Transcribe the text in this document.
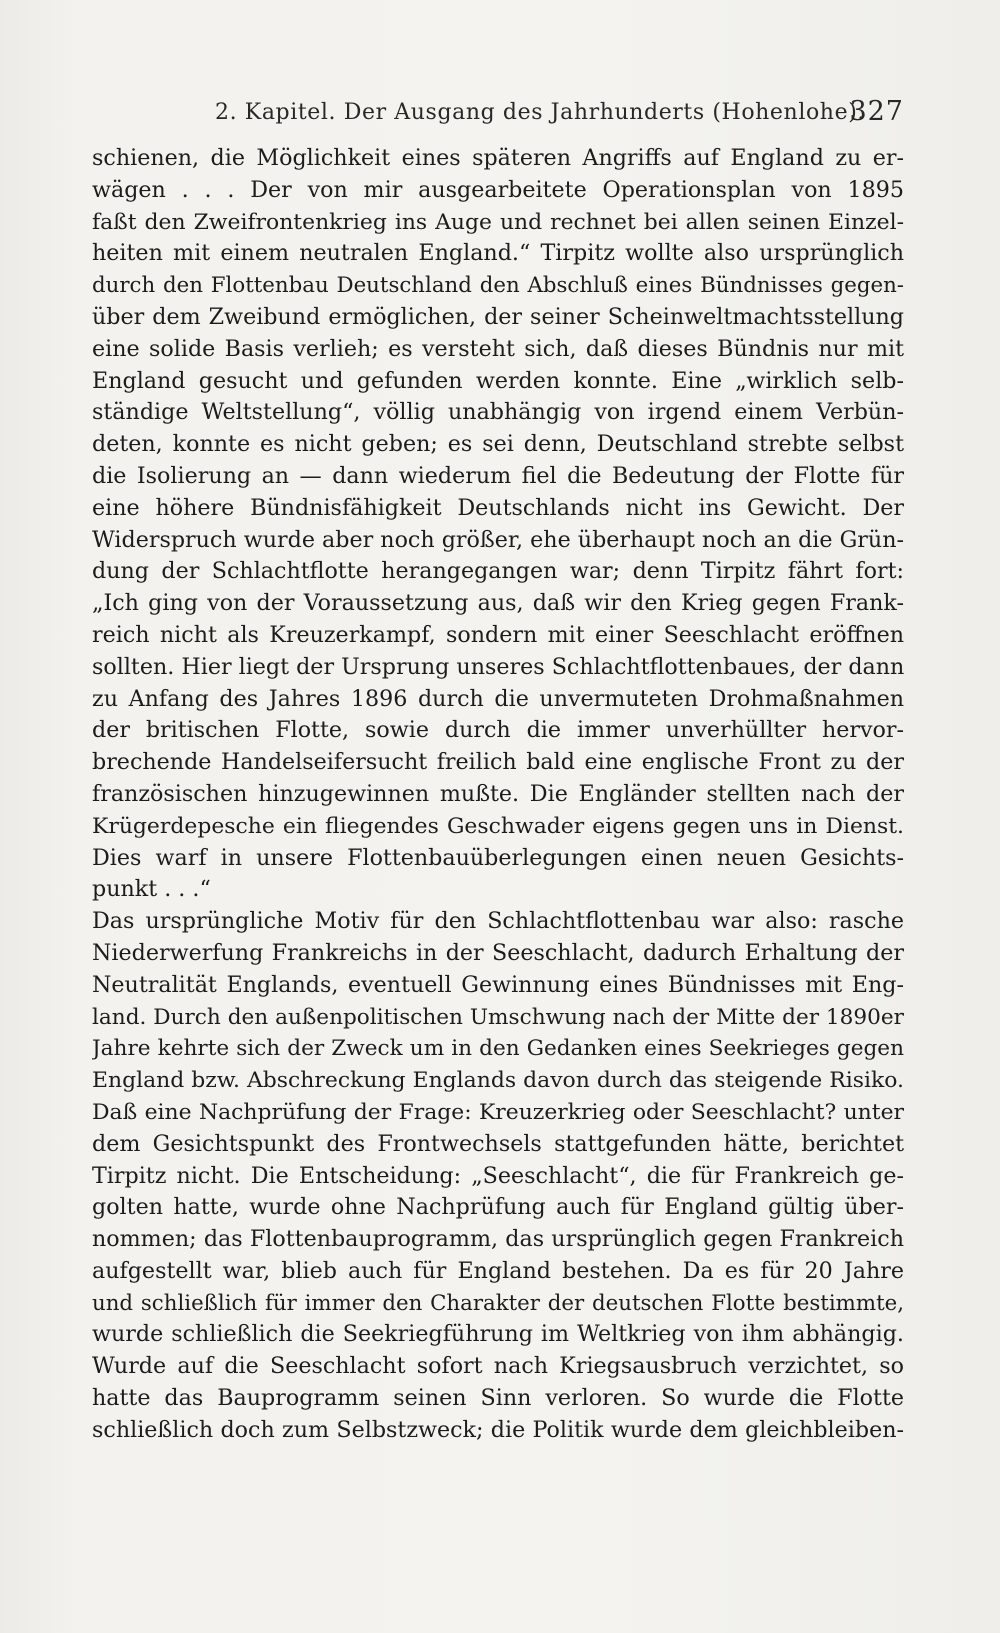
2. Kapitel. Der Ausgang des Jahrhunderts (Hohenlohe).
327
schienen, die Möglichkeit eines späteren Angriffs auf England zu er-
wägen . . . Der von mir ausgearbeitete Operationsplan von 1895
faßt den Zweifrontenkrieg ins Auge und rechnet bei allen seinen Einzel-
heiten mit einem neutralen England.“ Tirpitz wollte also ursprünglich
durch den Flottenbau Deutschland den Abschluß eines Bündnisses gegen-
über dem Zweibund ermöglichen, der seiner Scheinweltmachtsstellung
eine solide Basis verlieh; es versteht sich, daß dieses Bündnis nur mit
England gesucht und gefunden werden konnte. Eine „wirklich selb-
ständige Weltstellung“, völlig unabhängig von irgend einem Verbün-
deten, konnte es nicht geben; es sei denn, Deutschland strebte selbst
die Isolierung an — dann wiederum fiel die Bedeutung der Flotte für
eine höhere Bündnisfähigkeit Deutschlands nicht ins Gewicht. Der
Widerspruch wurde aber noch größer, ehe überhaupt noch an die Grün-
dung der Schlachtflotte herangegangen war; denn Tirpitz fährt fort:
„Ich ging von der Voraussetzung aus, daß wir den Krieg gegen Frank-
reich nicht als Kreuzerkampf, sondern mit einer Seeschlacht eröffnen
sollten. Hier liegt der Ursprung unseres Schlachtflottenbaues, der dann
zu Anfang des Jahres 1896 durch die unvermuteten Drohmaßnahmen
der britischen Flotte, sowie durch die immer unverhüllter hervor-
brechende Handelseifersucht freilich bald eine englische Front zu der
französischen hinzugewinnen mußte. Die Engländer stellten nach der
Krügerdepesche ein fliegendes Geschwader eigens gegen uns in Dienst.
Dies warf in unsere Flottenbauüberlegungen einen neuen Gesichts-
punkt . . .“
Das ursprüngliche Motiv für den Schlachtflottenbau war also: rasche
Niederwerfung Frankreichs in der Seeschlacht, dadurch Erhaltung der
Neutralität Englands, eventuell Gewinnung eines Bündnisses mit Eng-
land. Durch den außenpolitischen Umschwung nach der Mitte der 1890er
Jahre kehrte sich der Zweck um in den Gedanken eines Seekrieges gegen
England bzw. Abschreckung Englands davon durch das steigende Risiko.
Daß eine Nachprüfung der Frage: Kreuzerkrieg oder Seeschlacht? unter
dem Gesichtspunkt des Frontwechsels stattgefunden hätte, berichtet
Tirpitz nicht. Die Entscheidung: „Seeschlacht“, die für Frankreich ge-
golten hatte, wurde ohne Nachprüfung auch für England gültig über-
nommen; das Flottenbauprogramm, das ursprünglich gegen Frankreich
aufgestellt war, blieb auch für England bestehen. Da es für 20 Jahre
und schließlich für immer den Charakter der deutschen Flotte bestimmte,
wurde schließlich die Seekriegführung im Weltkrieg von ihm abhängig.
Wurde auf die Seeschlacht sofort nach Kriegsausbruch verzichtet, so
hatte das Bauprogramm seinen Sinn verloren. So wurde die Flotte
schließlich doch zum Selbstzweck; die Politik wurde dem gleichbleiben-
